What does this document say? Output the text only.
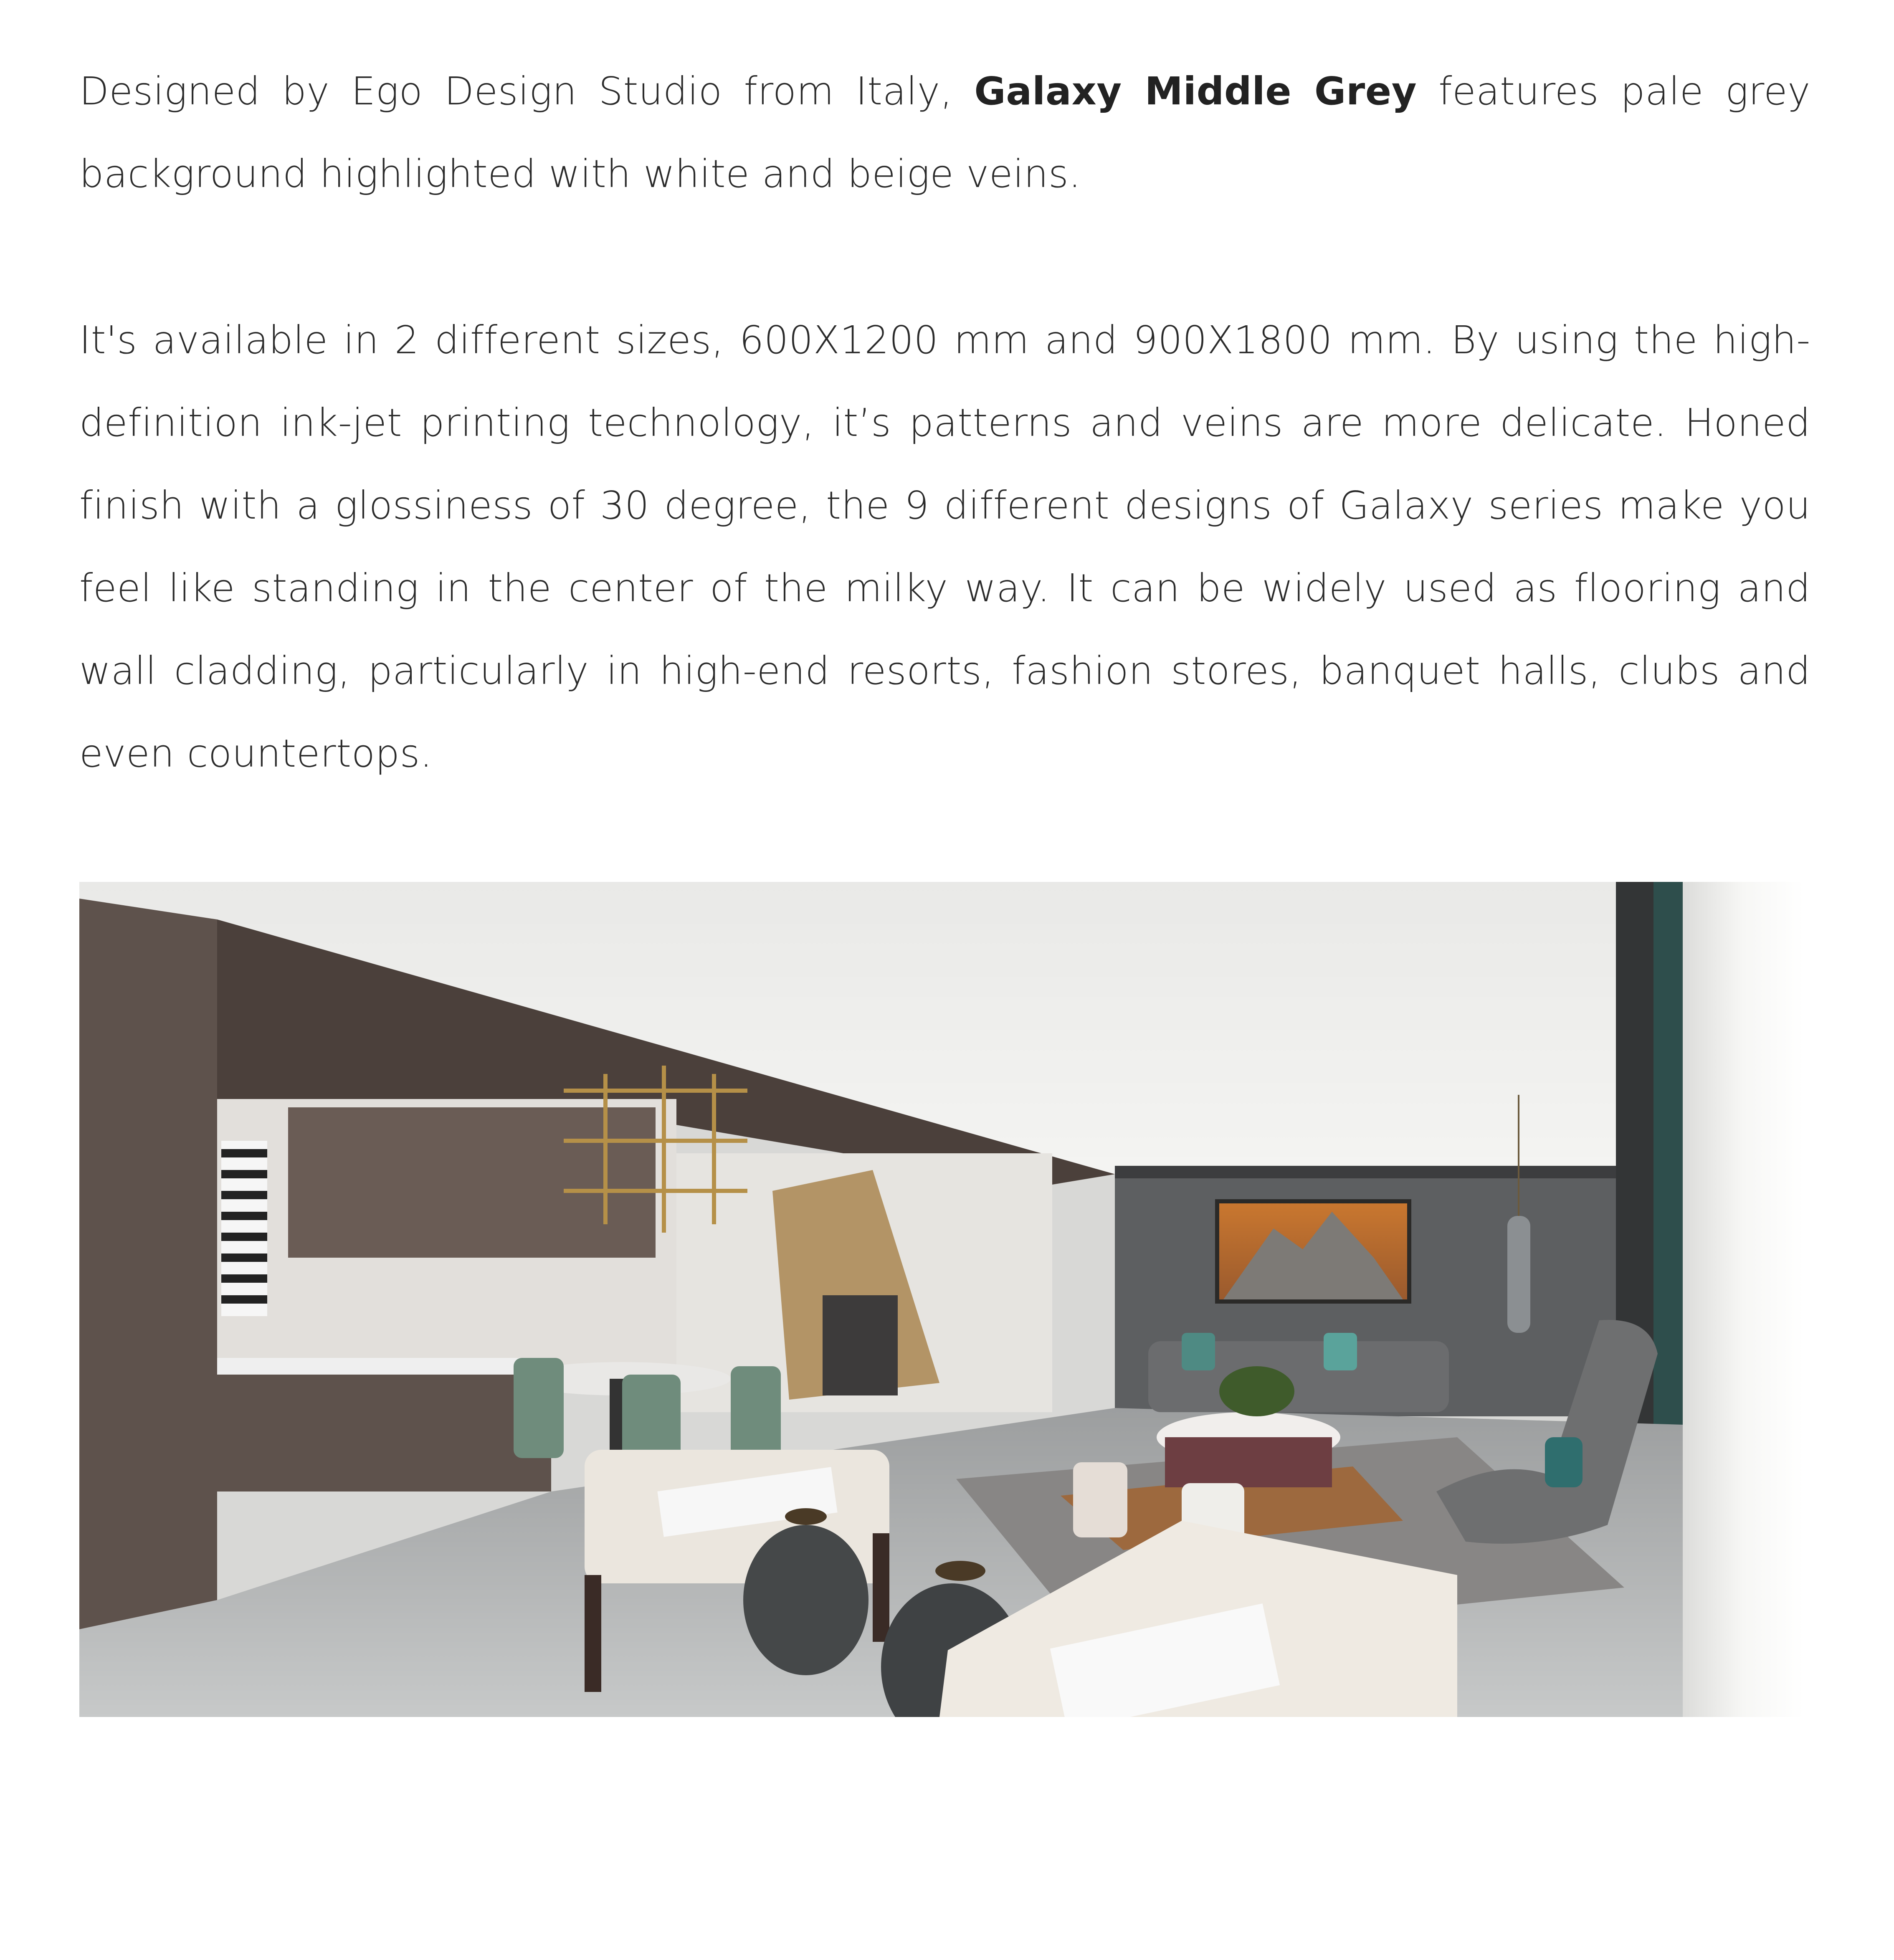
Designed by Ego Design Studio from Italy, Galaxy Middle Grey features pale grey background highlighted with white and beige veins.

It's available in 2 different sizes, 600X1200 mm and 900X1800 mm. By using the high-definition ink-jet printing technology, it’s patterns and veins are more delicate. Honed finish with a glossiness of 30 degree, the 9 different designs of Galaxy series make you feel like standing in the center of the milky way. It can be widely used as flooring and wall cladding, particularly in high-end resorts, fashion stores, banquet halls, clubs and even countertops.
